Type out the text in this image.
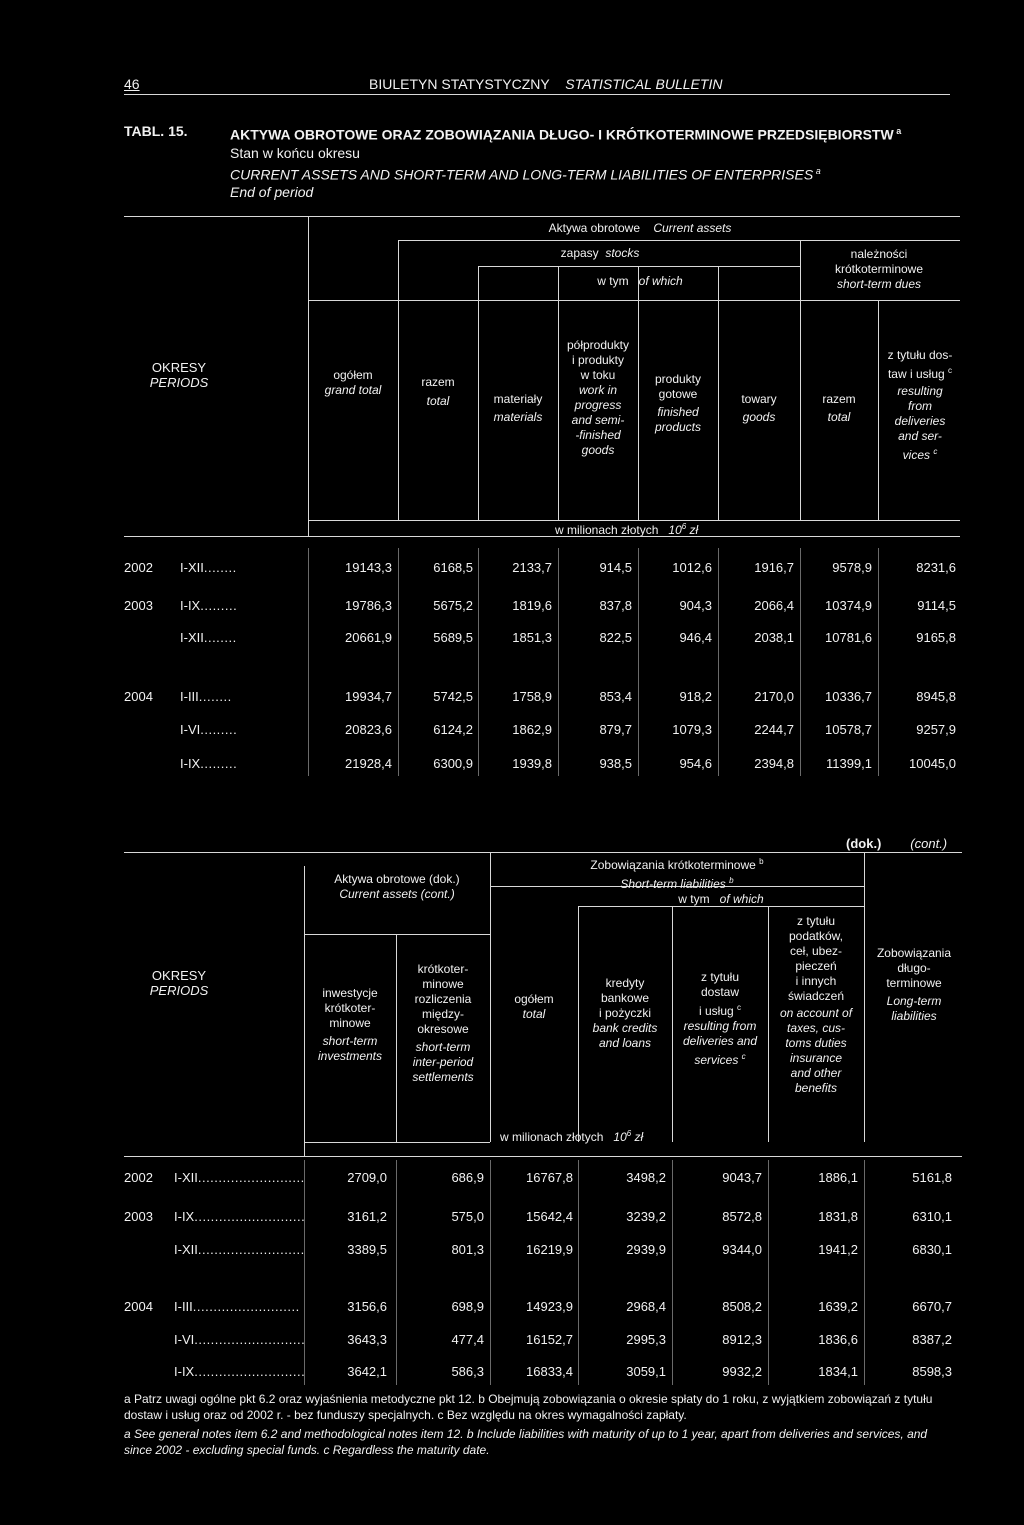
46	BIULETYN STATYSTYCZNY STATISTICAL BULLETIN
TABL. 15.	AKTYWA OBROTOWE ORAZ ZOBOWIĄZANIA DŁUGO- I KRÓTKOTERMINOWE PRZEDSIĘBIORSTW $^a$
Stan w końcu okresu
CURRENT ASSETS AND SHORT-TERM AND LONG-TERM LIABILITIES OF ENTERPRISES $^a$
End of period
Aktywa obrotowe Current assets
zapasy stocks
w tym of which
należności
krótkoterminowe
short-term dues
OKRESY
PERIODS	ogółem
grand total
razem
total	materiały
materials
półprodukty
i produkty
w toku
work in
progress
and semi-
-finished
goods
produkty
gotowe
finished
products
towary
goods
razem
total
z tytułu dos-
taw i usług $^c$
resulting
from
deliveries
and ser-
vices $^c$
w milionach złotych $10^6$ zł
2002 I-XII........	19143,3	6168,5	2133,7	914,5	1012,6	1916,7	9578,9	8231,6
2003 I-IX.........	19786,3	5675,2	1819,6	837,8	904,3	2066,4 10374,9	9114,5
I-XII........	20661,9	5689,5	1851,3	822,5	946,4	2038,1 10781,6	9165,8
2004 I-III........	19934,7	5742,5	1758,9	853,4	918,2	2170,0 10336,7	8945,8
I-VI.........	20823,6	6124,2	1862,9	879,7	1079,3	2244,7 10578,7	9257,9
I-IX.........	21928,4	6300,9	1939,8	938,5	954,6	2394,8 11399,1	10045,0
(dok.) (cont.)
Aktywa obrotowe (dok.)
Current assets (cont.)
Zobowiązania krótkoterminowe $^b$
Short-term liabilities $^b$
w tym of which
OKRESY
PERIODS	inwestycje
krótkoter-
minowe
short-term
investments
krótkoter-
minowe
rozliczenia
między-
okresowe
short-term
inter-period
settlements
ogółem
total
kredyty
bankowe
i pożyczki
bank credits
and loans
z tytułu
dostaw
i usług $^c$
resulting from
deliveries and
services $^c$
z tytułu
podatków,
ceł, ubez-
pieczeń
i innych
świadczeń
on account of
taxes, cus-
toms duties
insurance
and other
benefits
Zobowiązania
długo-
terminowe
Long-term
liabilities
w milionach złotych $10^6$ zł
2002 I-XII..........................	2709,0	686,9	16767,8	3498,2	9043,7	1886,1	5161,8
2003 I-IX...........................	3161,2	575,0	15642,4	3239,2	8572,8	1831,8	6310,1
I-XII..........................	3389,5	801,3	16219,9	2939,9	9344,0	1941,2	6830,1
2004 I-III..........................	3156,6	698,9	14923,9	2968,4	8508,2	1639,2	6670,7
I-VI...........................	3643,3	477,4	16152,7	2995,3	8912,3	1836,6	8387,2
I-IX...........................	3642,1	586,3	16833,4	3059,1	9932,2	1834,1	8598,3
a Patrz uwagi ogólne pkt 6.2 oraz wyjaśnienia metodyczne pkt 12. b Obejmują zobowiązania o okresie spłaty do 1 roku, z wyjątkiem zobowiązań z tytułu
dostaw i usług oraz od 2002 r. - bez funduszy specjalnych. c Bez względu na okres wymagalności zapłaty.
a See general notes item 6.2 and methodological notes item 12. b Include liabilities with maturity of up to 1 year, apart from deliveries and services, and
since 2002 - excluding special funds. c Regardless the maturity date.
